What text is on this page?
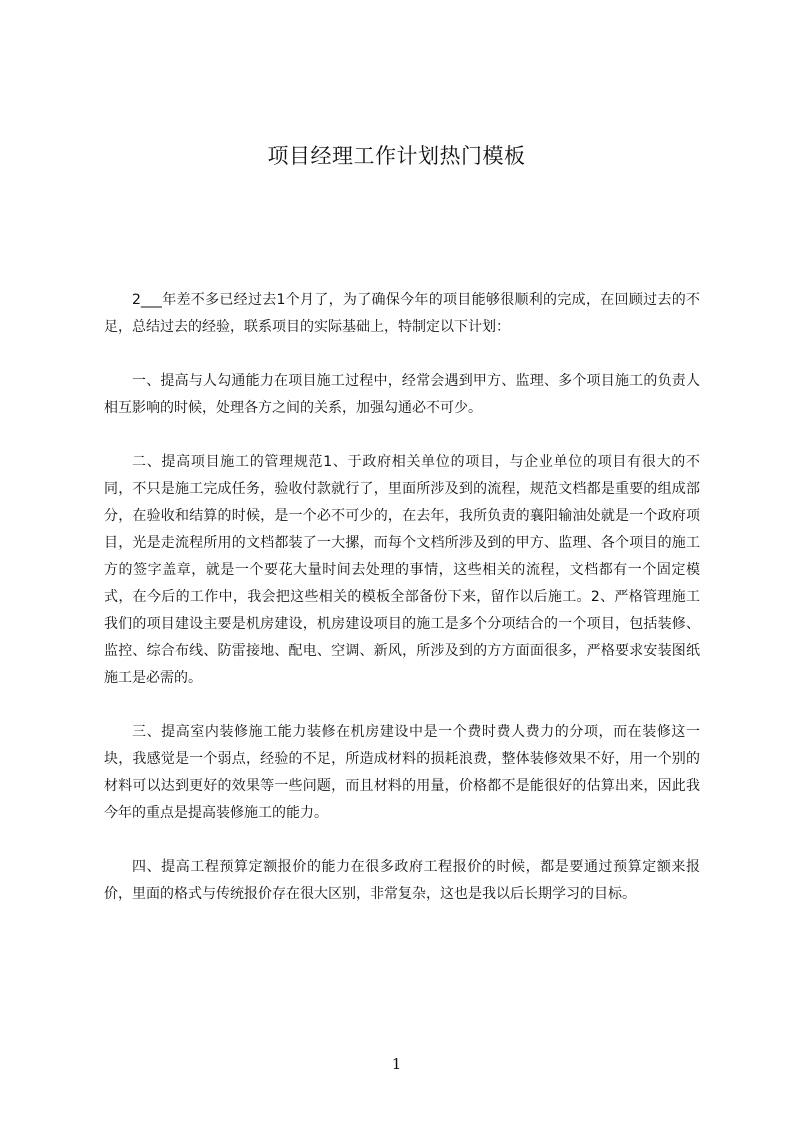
项目经理工作计划热门模板

2___年差不多已经过去1个月了，为了确保今年的项目能够很顺利的完成，在回顾过去的不足，总结过去的经验，联系项目的实际基础上，特制定以下计划：

一、提高与人勾通能力在项目施工过程中，经常会遇到甲方、监理、多个项目施工的负责人相互影响的时候，处理各方之间的关系，加强勾通必不可少。

二、提高项目施工的管理规范1、于政府相关单位的项目，与企业单位的项目有很大的不同，不只是施工完成任务，验收付款就行了，里面所涉及到的流程，规范文档都是重要的组成部分，在验收和结算的时候，是一个必不可少的，在去年，我所负责的襄阳输油处就是一个政府项目，光是走流程所用的文档都装了一大摞，而每个文档所涉及到的甲方、监理、各个项目的施工方的签字盖章，就是一个要花大量时间去处理的事情，这些相关的流程，文档都有一个固定模式，在今后的工作中，我会把这些相关的模板全部备份下来，留作以后施工。2、严格管理施工我们的项目建设主要是机房建设，机房建设项目的施工是多个分项结合的一个项目，包括装修、监控、综合布线、防雷接地、配电、空调、新风，所涉及到的方方面面很多，严格要求安装图纸施工是必需的。

三、提高室内装修施工能力装修在机房建设中是一个费时费人费力的分项，而在装修这一块，我感觉是一个弱点，经验的不足，所造成材料的损耗浪费，整体装修效果不好，用一个别的材料可以达到更好的效果等一些问题，而且材料的用量，价格都不是能很好的估算出来，因此我今年的重点是提高装修施工的能力。

四、提高工程预算定额报价的能力在很多政府工程报价的时候，都是要通过预算定额来报价，里面的格式与传统报价存在很大区别，非常复杂，这也是我以后长期学习的目标。

1
